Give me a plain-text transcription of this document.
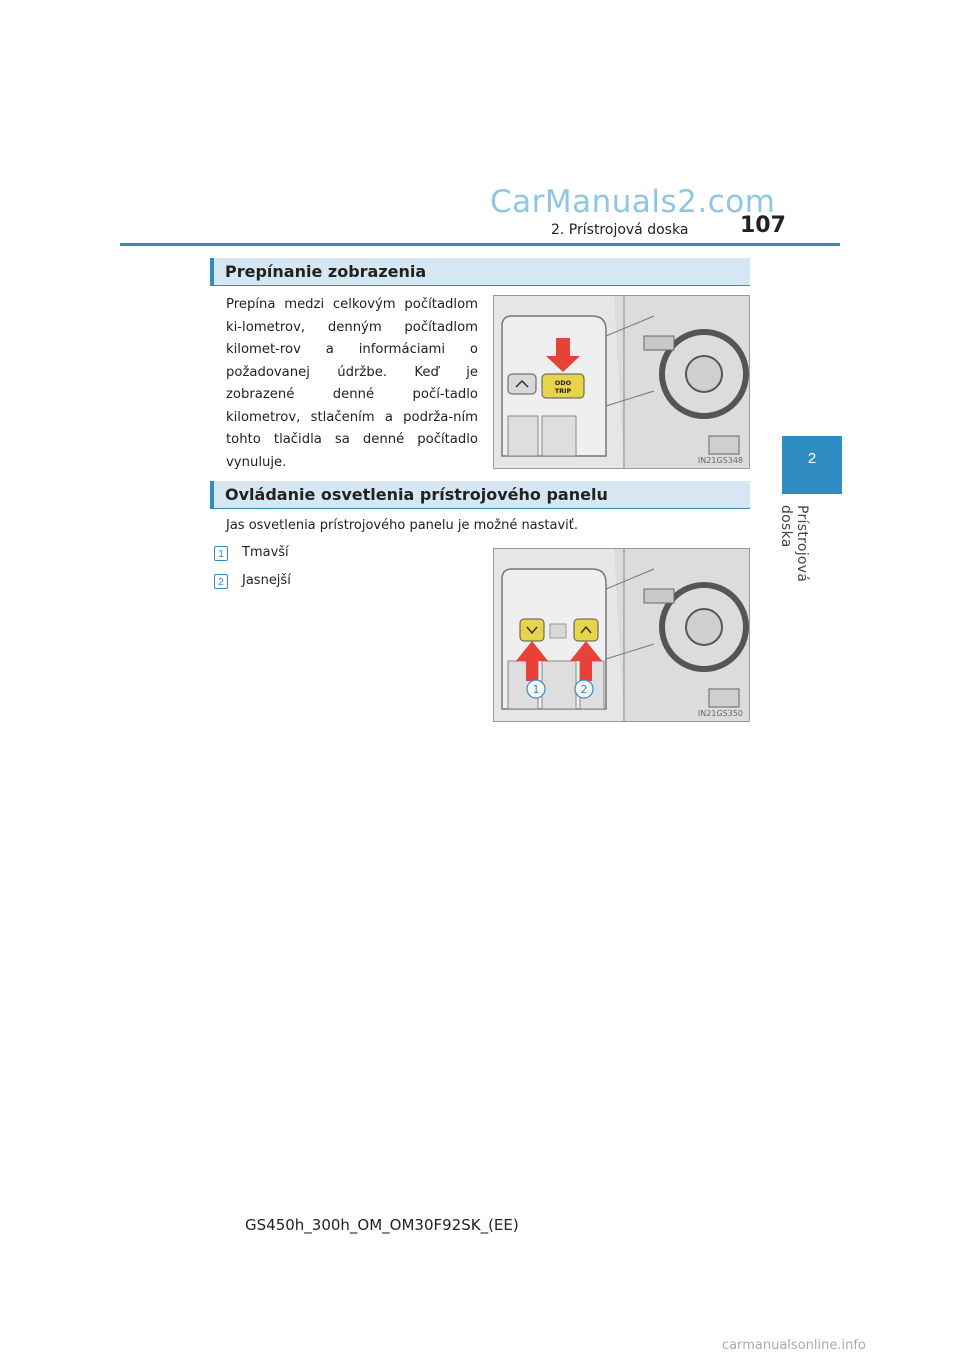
CarManuals2.com
2. Prístrojová doska 107
2
Prístrojová doska
Prepínanie zobrazenia
Prepína medzi celkovým počítadlom ki-lometrov, denným počítadlom kilomet-rov a informáciami o požadovanej údržbe. Keď je zobrazené denné počí-tadlo kilometrov, stlačením a podrža-ním tohto tlačidla sa denné počítadlo vynuluje.
ODO
TRIP
IN21GS348
Ovládanie osvetlenia prístrojového panelu
Jas osvetlenia prístrojového panelu je možné nastaviť.
1	Tmavší
2	Jasnejší
1	2
IN21GS350
GS450h_300h_OM_OM30F92SK_(EE)
carmanualsonline.info
